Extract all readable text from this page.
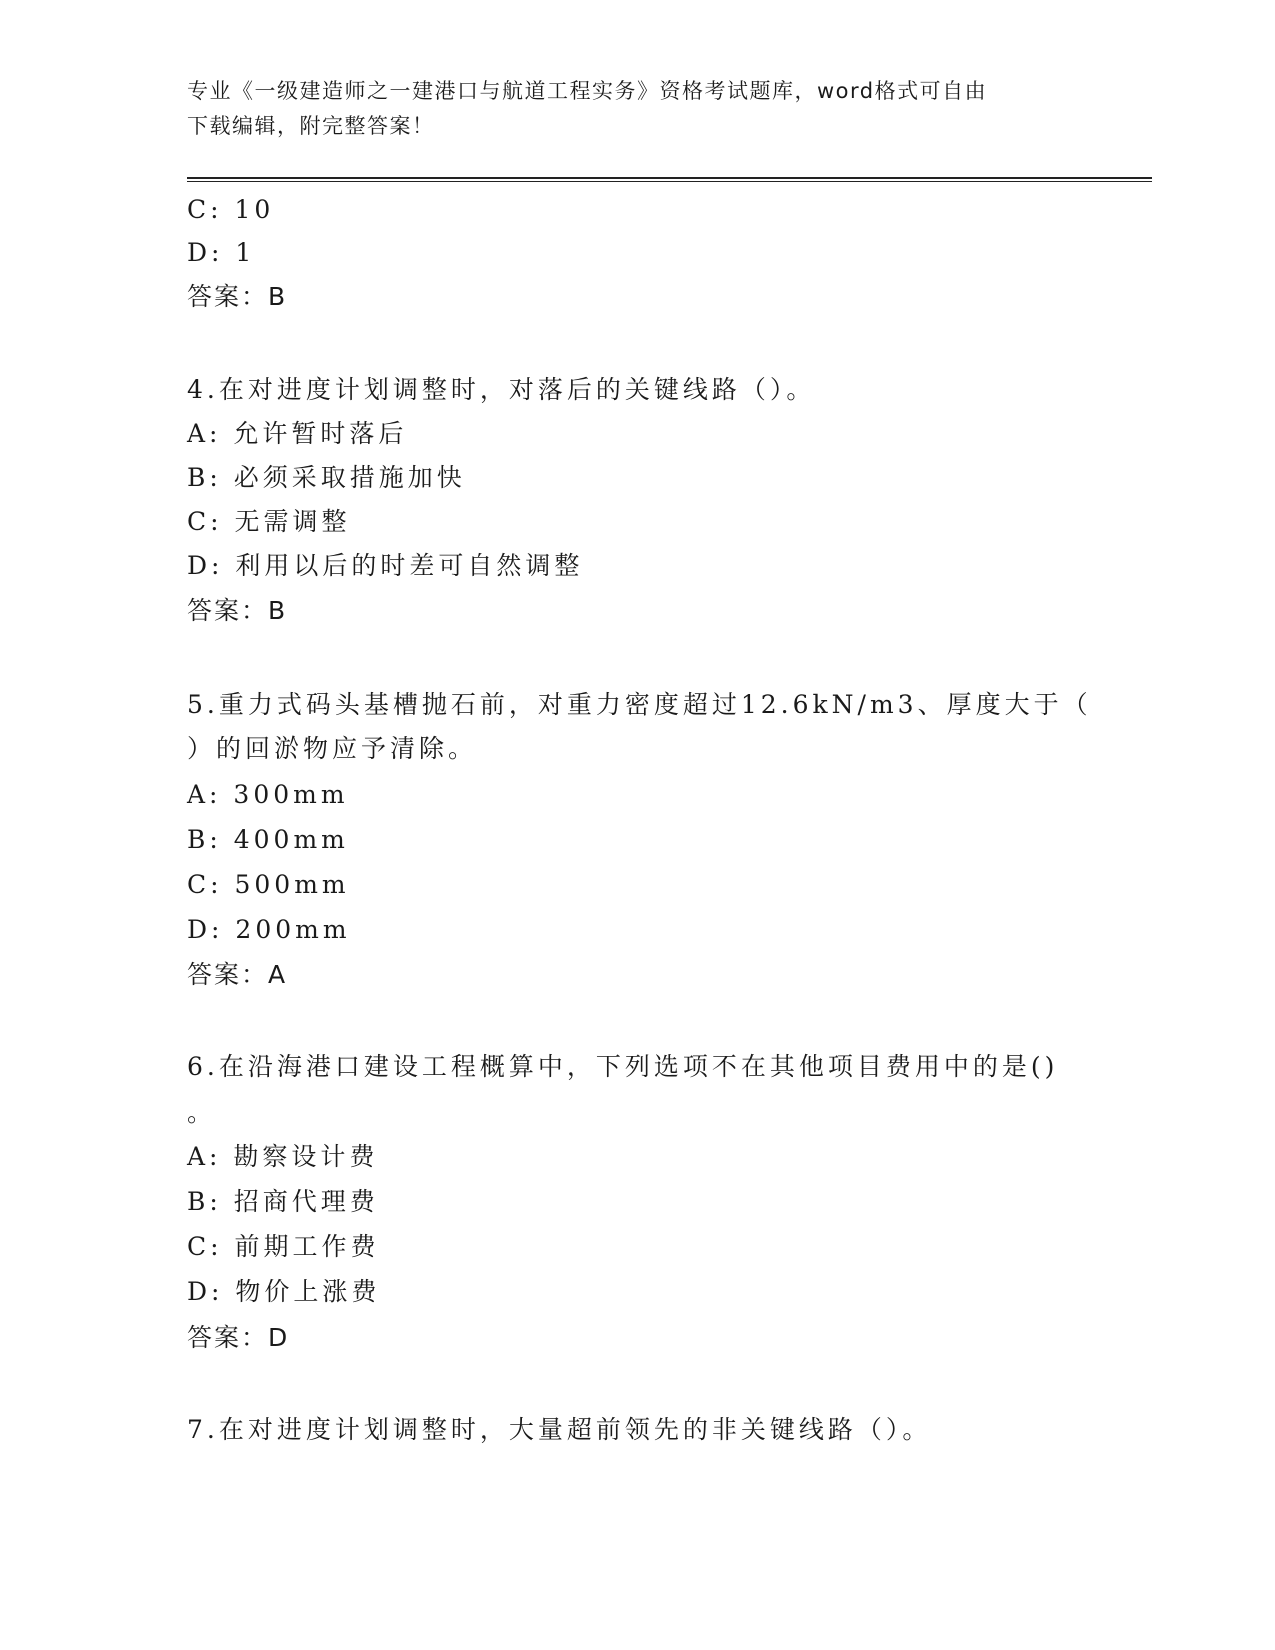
专业《一级建造师之一建港口与航道工程实务》资格考试题库，word格式可自由
下载编辑，附完整答案！
C: 10
D: 1
答案：B
4.在对进度计划调整时，对落后的关键线路（）。
A: 允许暂时落后
B: 必须采取措施加快
C: 无需调整
D: 利用以后的时差可自然调整
答案：B
5.重力式码头基槽抛石前，对重力密度超过12.6kN/m3、厚度大于（
）的回淤物应予清除。
A: 300mm
B: 400mm
C: 500mm
D: 200mm
答案：A
6.在沿海港口建设工程概算中，下列选项不在其他项目费用中的是()
。
A: 勘察设计费
B: 招商代理费
C: 前期工作费
D: 物价上涨费
答案：D
7.在对进度计划调整时，大量超前领先的非关键线路（）。
